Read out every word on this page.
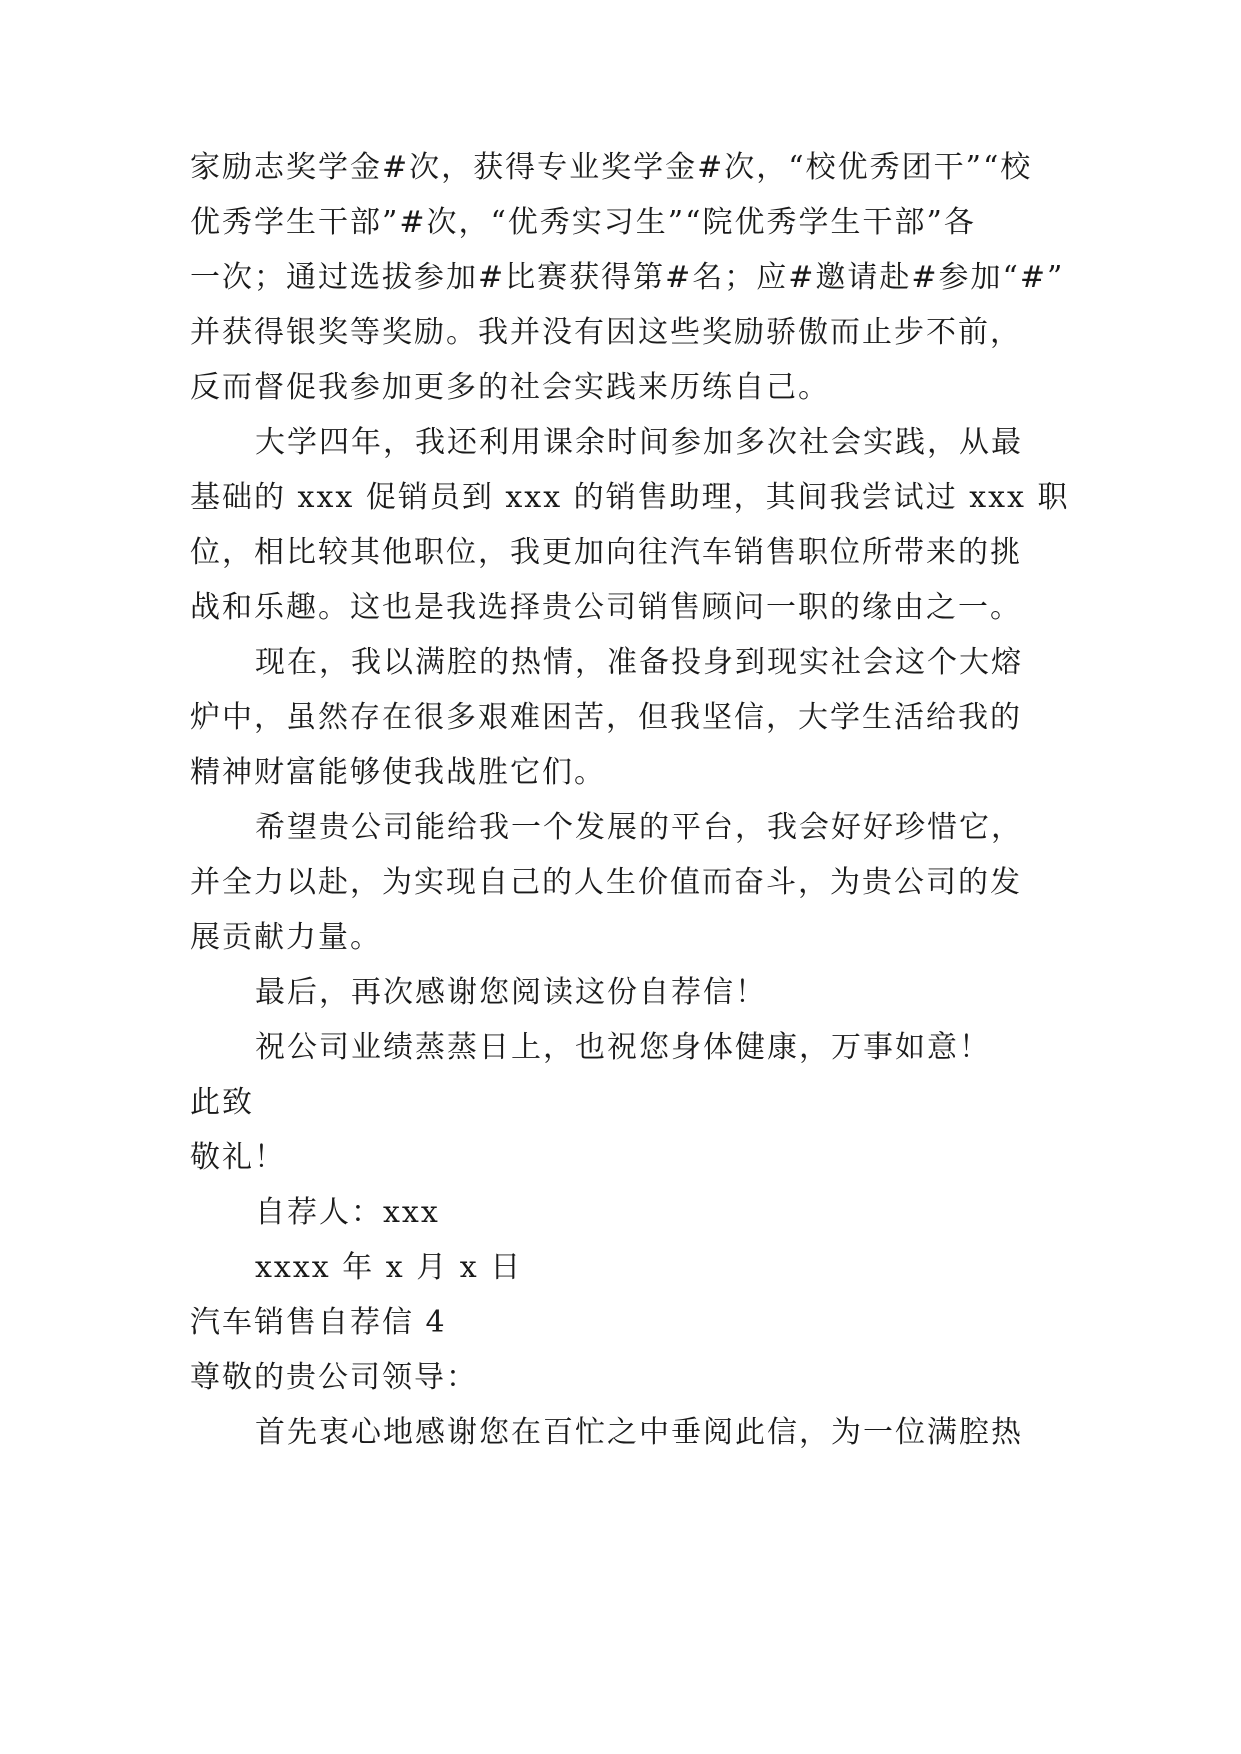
家励志奖学金#次，获得专业奖学金#次，“校优秀团干”“校

优秀学生干部”#次，“优秀实习生”“院优秀学生干部”各

一次；通过选拔参加#比赛获得第#名；应#邀请赴#参加“#”

并获得银奖等奖励。我并没有因这些奖励骄傲而止步不前，

反而督促我参加更多的社会实践来历练自己。

大学四年，我还利用课余时间参加多次社会实践，从最

基础的 xxx 促销员到 xxx 的销售助理，其间我尝试过 xxx 职

位，相比较其他职位，我更加向往汽车销售职位所带来的挑

战和乐趣。这也是我选择贵公司销售顾问一职的缘由之一。

现在，我以满腔的热情，准备投身到现实社会这个大熔

炉中，虽然存在很多艰难困苦，但我坚信，大学生活给我的

精神财富能够使我战胜它们。

希望贵公司能给我一个发展的平台，我会好好珍惜它，

并全力以赴，为实现自己的人生价值而奋斗，为贵公司的发

展贡献力量。

最后，再次感谢您阅读这份自荐信！

祝公司业绩蒸蒸日上，也祝您身体健康，万事如意！

此致

敬礼！

自荐人：xxx

xxxx 年 x 月 x 日

汽车销售自荐信 4

尊敬的贵公司领导：

首先衷心地感谢您在百忙之中垂阅此信，为一位满腔热
